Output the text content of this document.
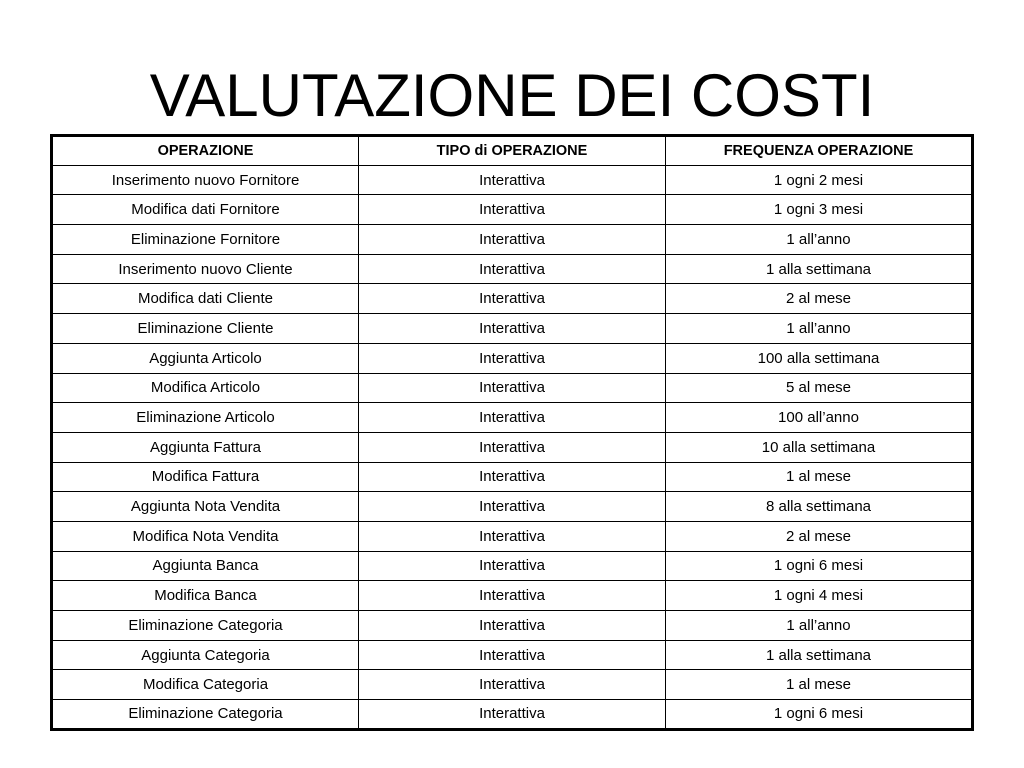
VALUTAZIONE DEI COSTI
OPERAZIONE	TIPO di OPERAZIONE	FREQUENZA OPERAZIONE
Inserimento nuovo Fornitore	Interattiva	1 ogni 2 mesi
Modifica dati Fornitore	Interattiva	1 ogni 3 mesi
Eliminazione Fornitore	Interattiva	1 all’anno
Inserimento nuovo Cliente	Interattiva	1 alla settimana
Modifica dati Cliente	Interattiva	2 al mese
Eliminazione Cliente	Interattiva	1 all’anno
Aggiunta Articolo	Interattiva	100 alla settimana
Modifica Articolo	Interattiva	5 al mese
Eliminazione Articolo	Interattiva	100 all’anno
Aggiunta Fattura	Interattiva	10 alla settimana
Modifica Fattura	Interattiva	1 al mese
Aggiunta Nota Vendita	Interattiva	8 alla settimana
Modifica Nota Vendita	Interattiva	2 al mese
Aggiunta Banca	Interattiva	1 ogni 6 mesi
Modifica Banca	Interattiva	1 ogni 4 mesi
Eliminazione Categoria	Interattiva	1 all’anno
Aggiunta Categoria	Interattiva	1 alla settimana
Modifica Categoria	Interattiva	1 al mese
Eliminazione Categoria	Interattiva	1 ogni 6 mesi
